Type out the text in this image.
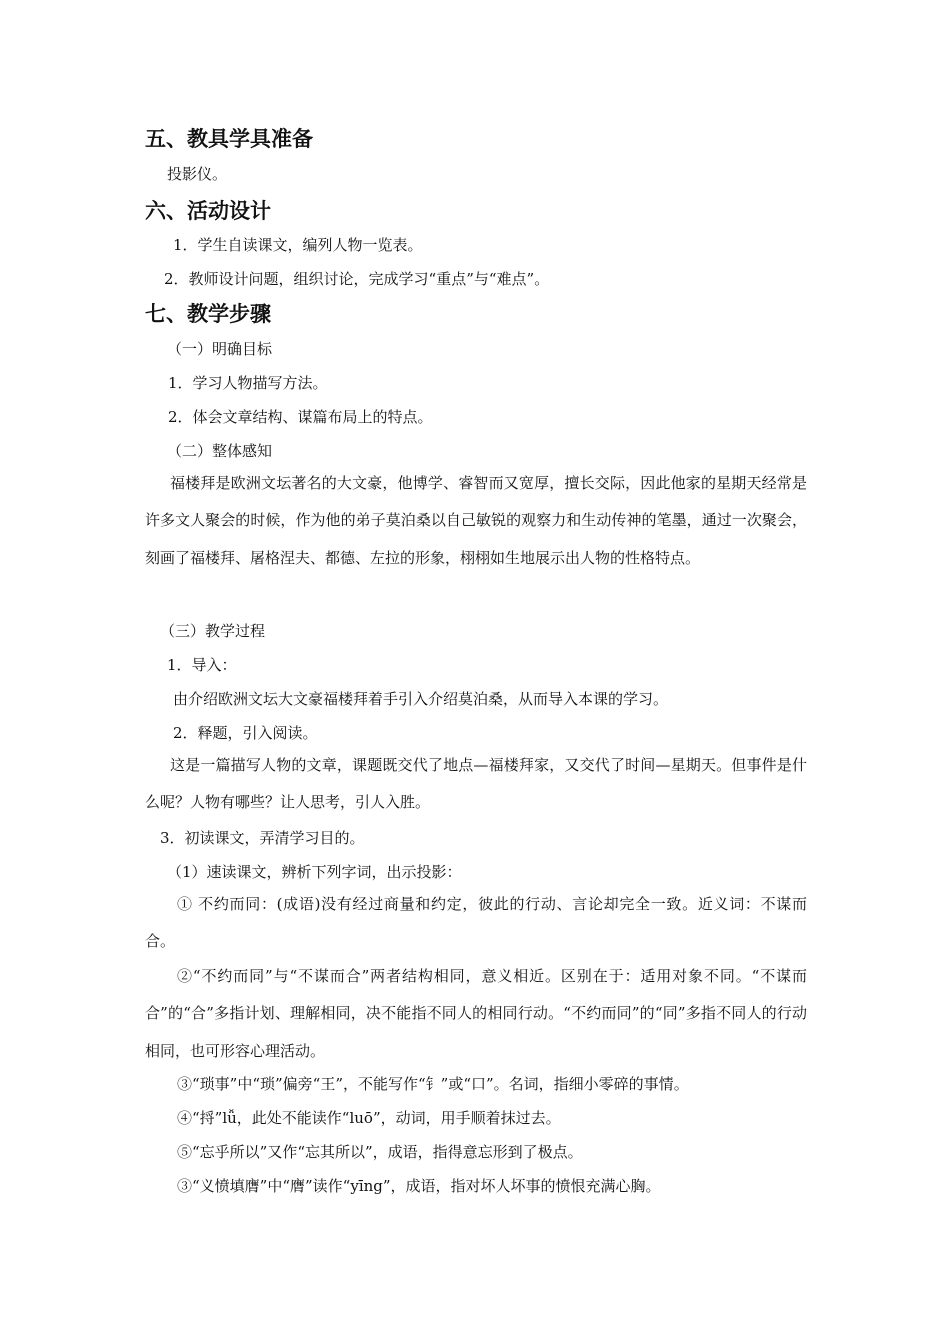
五、教具学具准备
投影仪。
六、活动设计
1．学生自读课文，编列人物一览表。
2．教师设计问题，组织讨论，完成学习“重点”与“难点”。
七、教学步骤
（一）明确目标
1．学习人物描写方法。
2．体会文章结构、谋篇布局上的特点。
（二）整体感知

福楼拜是欧洲文坛著名的大文豪，他博学、睿智而又宽厚，擅长交际，因此他家的星期天经常是许多文人聚会的时候，作为他的弟子莫泊桑以自己敏锐的观察力和生动传神的笔墨，通过一次聚会，刻画了福楼拜、屠格涅夫、都德、左拉的形象，栩栩如生地展示出人物的性格特点。

（三）教学过程
1．导入：
由介绍欧洲文坛大文豪福楼拜着手引入介绍莫泊桑，从而导入本课的学习。
2．释题，引入阅读。

这是一篇描写人物的文章，课题既交代了地点—福楼拜家，又交代了时间—星期天。但事件是什么呢？人物有哪些？让人思考，引人入胜。

3．初读课文，弄清学习目的。
（1）速读课文，辨析下列字词，出示投影：

① 不约而同：(成语)没有经过商量和约定，彼此的行动、言论却完全一致。近义词：不谋而合。

②“不约而同”与“不谋而合”两者结构相同，意义相近。区别在于：适用对象不同。“不谋而合”的“合”多指计划、理解相同，决不能指不同人的相同行动。“不约而同”的“同”多指不同人的行动相同，也可形容心理活动。

③“琐事”中“琐”偏旁“王”，不能写作“钅”或“口”。名词，指细小零碎的事情。
④“捋”lǚ，此处不能读作“luō”，动词，用手顺着抹过去。
⑤“忘乎所以”又作“忘其所以”，成语，指得意忘形到了极点。
③“义愤填膺”中“膺”读作“yīng”，成语，指对坏人坏事的愤恨充满心胸。
